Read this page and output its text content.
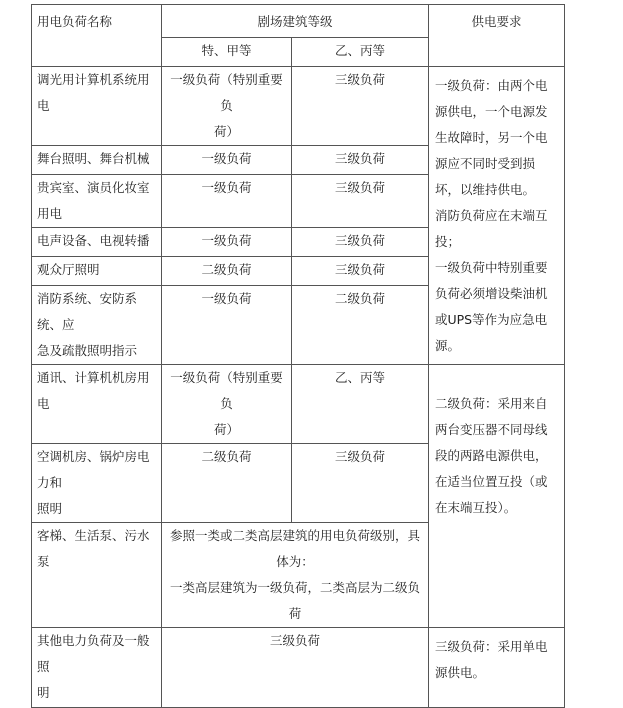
用电负荷名称	剧场建筑等级		供电要求
	特、甲等	乙、丙等	
调光用计算机系统用电	一级负荷（特别重要负
荷）	三级负荷	一级负荷：由两个电源供电，一个电源发生故障时，另一个电源应不同时受到损坏，以维持供电。
消防负荷应在末端互投；
一级负荷中特别重要负荷必须增设柴油机或UPS等作为应急电源。
舞台照明、舞台机械	一级负荷	三级负荷	
贵宾室、演员化妆室用电	一级负荷	三级负荷	
电声设备、电视转播	一级负荷	三级负荷	
观众厅照明	二级负荷	三级负荷	
消防系统、安防系统、应
急及疏散照明指示	一级负荷	二级负荷	
通讯、计算机机房用电	一级负荷（特别重要负
荷）	乙、丙等	二级负荷：采用来自两台变压器不同母线段的两路电源供电，在适当位置互投（或在末端互投）。
空调机房、锅炉房电力和
照明	二级负荷	三级负荷	
客梯、生活泵、污水泵	参照一类或二类高层建筑的用电负荷级别，具体为：
一类高层建筑为一级负荷，二类高层为二级负荷		
其他电力负荷及一般照
明	三级负荷		三级负荷：采用单电源供电。
